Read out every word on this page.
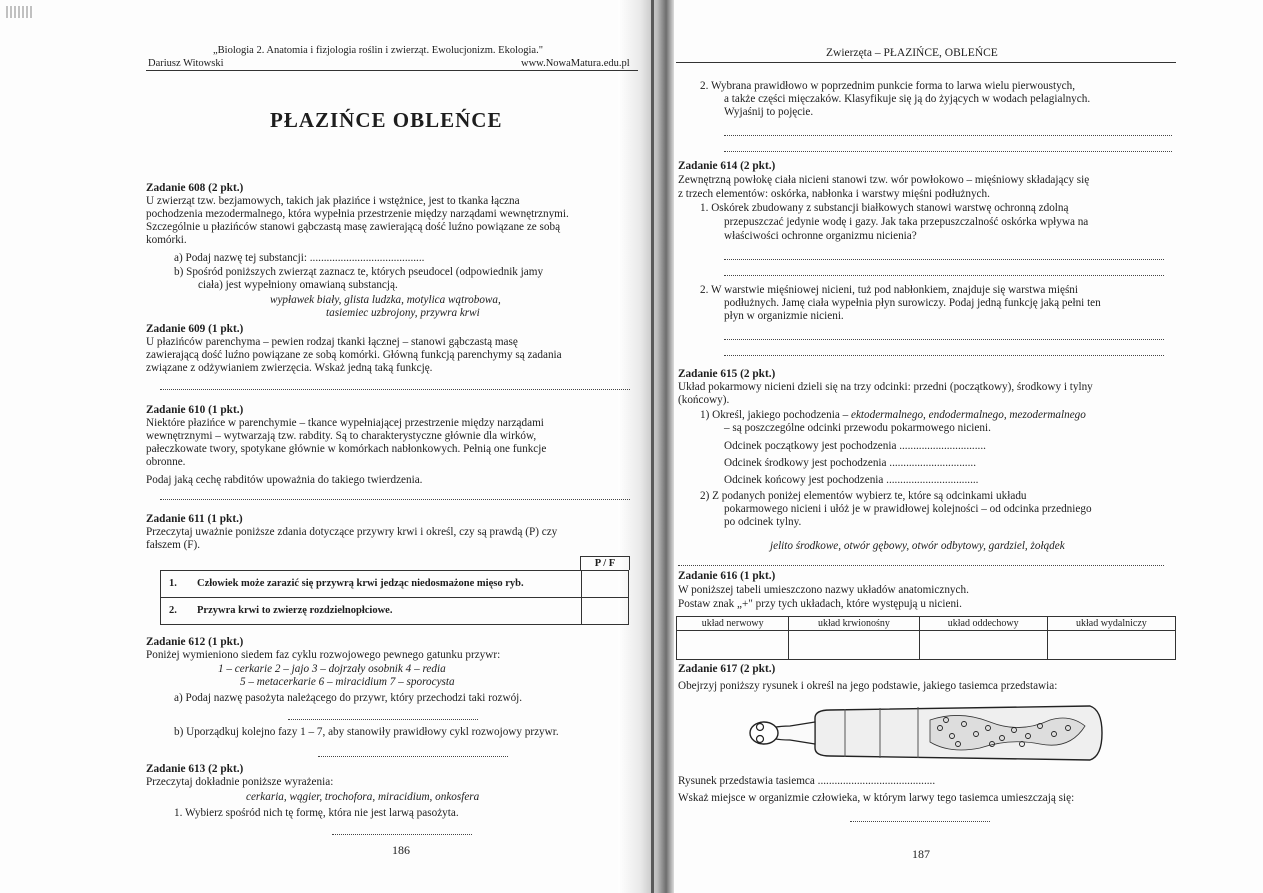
„Biologia 2. Anatomia i fizjologia roślin i zwierząt. Ewolucjonizm. Ekologia."
Dariusz Witowski	www.NowaMatura.edu.pl
PŁAZIŃCE OBLEŃCE
Zadanie 608 (2 pkt.)
U zwierząt tzw. bezjamowych, takich jak płazińce i wstężnice, jest to tkanka łączna
pochodzenia mezodermalnego, która wypełnia przestrzenie między narządami wewnętrznymi.
Szczególnie u płazińców stanowi gąbczastą masę zawierającą dość luźno powiązane ze sobą
komórki.
a) Podaj nazwę tej substancji: .........................................
b) Spośród poniższych zwierząt zaznacz te, których pseudocel (odpowiednik jamy
ciała) jest wypełniony omawianą substancją.
wypławek biały, glista ludzka, motylica wątrobowa,
tasiemiec uzbrojony, przywra krwi
Zadanie 609 (1 pkt.)
U płazińców parenchyma – pewien rodzaj tkanki łącznej – stanowi gąbczastą masę
zawierającą dość luźno powiązane ze sobą komórki. Główną funkcją parenchymy są zadania
związane z odżywianiem zwierzęcia. Wskaż jedną taką funkcję.
Zadanie 610 (1 pkt.)
Niektóre płazińce w parenchymie – tkance wypełniającej przestrzenie między narządami
wewnętrznymi – wytwarzają tzw. rabdity. Są to charakterystyczne głównie dla wirków,
pałeczkowate twory, spotykane głównie w komórkach nabłonkowych. Pełnią one funkcje
obronne.
Podaj jaką cechę rabditów upoważnia do takiego twierdzenia.
Zadanie 611 (1 pkt.)
Przeczytaj uważnie poniższe zdania dotyczące przywry krwi i określ, czy są prawdą (P) czy
fałszem (F).
P / F
1.	Człowiek może zarazić się przywrą krwi jedząc niedosmażone mięso ryb.	
2.	Przywra krwi to zwierzę rozdzielnopłciowe.	
Zadanie 612 (1 pkt.)
Poniżej wymieniono siedem faz cyklu rozwojowego pewnego gatunku przywr:
1 – cerkarie 2 – jajo 3 – dojrzały osobnik 4 – redia
5 – metacerkarie 6 – miracidium 7 – sporocysta
a) Podaj nazwę pasożyta należącego do przywr, który przechodzi taki rozwój.
b) Uporządkuj kolejno fazy 1 – 7, aby stanowiły prawidłowy cykl rozwojowy przywr.
Zadanie 613 (2 pkt.)
Przeczytaj dokładnie poniższe wyrażenia:
cerkaria, wągier, trochofora, miracidium, onkosfera
1. Wybierz spośród nich tę formę, która nie jest larwą pasożyta.
186
Zwierzęta – PŁAZIŃCE, OBLEŃCE
2. Wybrana prawidłowo w poprzednim punkcie forma to larwa wielu pierwoustych,
a także części mięczaków. Klasyfikuje się ją do żyjących w wodach pelagialnych.
Wyjaśnij to pojęcie.
Zadanie 614 (2 pkt.)
Zewnętrzną powłokę ciała nicieni stanowi tzw. wór powłokowo – mięśniowy składający się
z trzech elementów: oskórka, nabłonka i warstwy mięśni podłużnych.
1. Oskórek zbudowany z substancji białkowych stanowi warstwę ochronną zdolną
przepuszczać jedynie wodę i gazy. Jak taka przepuszczalność oskórka wpływa na
właściwości ochronne organizmu nicienia?
2. W warstwie mięśniowej nicieni, tuż pod nabłonkiem, znajduje się warstwa mięśni
podłużnych. Jamę ciała wypełnia płyn surowiczy. Podaj jedną funkcję jaką pełni ten
płyn w organizmie nicieni.
Zadanie 615 (2 pkt.)
Układ pokarmowy nicieni dzieli się na trzy odcinki: przedni (początkowy), środkowy i tylny
(końcowy).
1) Określ, jakiego pochodzenia – ektodermalnego, endodermalnego, mezodermalnego
– są poszczególne odcinki przewodu pokarmowego nicieni.
Odcinek początkowy jest pochodzenia ...............................
Odcinek środkowy jest pochodzenia ...............................
Odcinek końcowy jest pochodzenia .................................
2) Z podanych poniżej elementów wybierz te, które są odcinkami układu
pokarmowego nicieni i ułóż je w prawidłowej kolejności – od odcinka przedniego
po odcinek tylny.
jelito środkowe, otwór gębowy, otwór odbytowy, gardziel, żołądek
Zadanie 616 (1 pkt.)
W poniższej tabeli umieszczono nazwy układów anatomicznych.
Postaw znak „+" przy tych układach, które występują u nicieni.
układ nerwowy	układ krwionośny	układ oddechowy	układ wydalniczy

Zadanie 617 (2 pkt.)
Obejrzyj poniższy rysunek i określ na jego podstawie, jakiego tasiemca przedstawia:
Rysunek przedstawia tasiemca ..........................................
Wskaż miejsce w organizmie człowieka, w którym larwy tego tasiemca umieszczają się:
187
